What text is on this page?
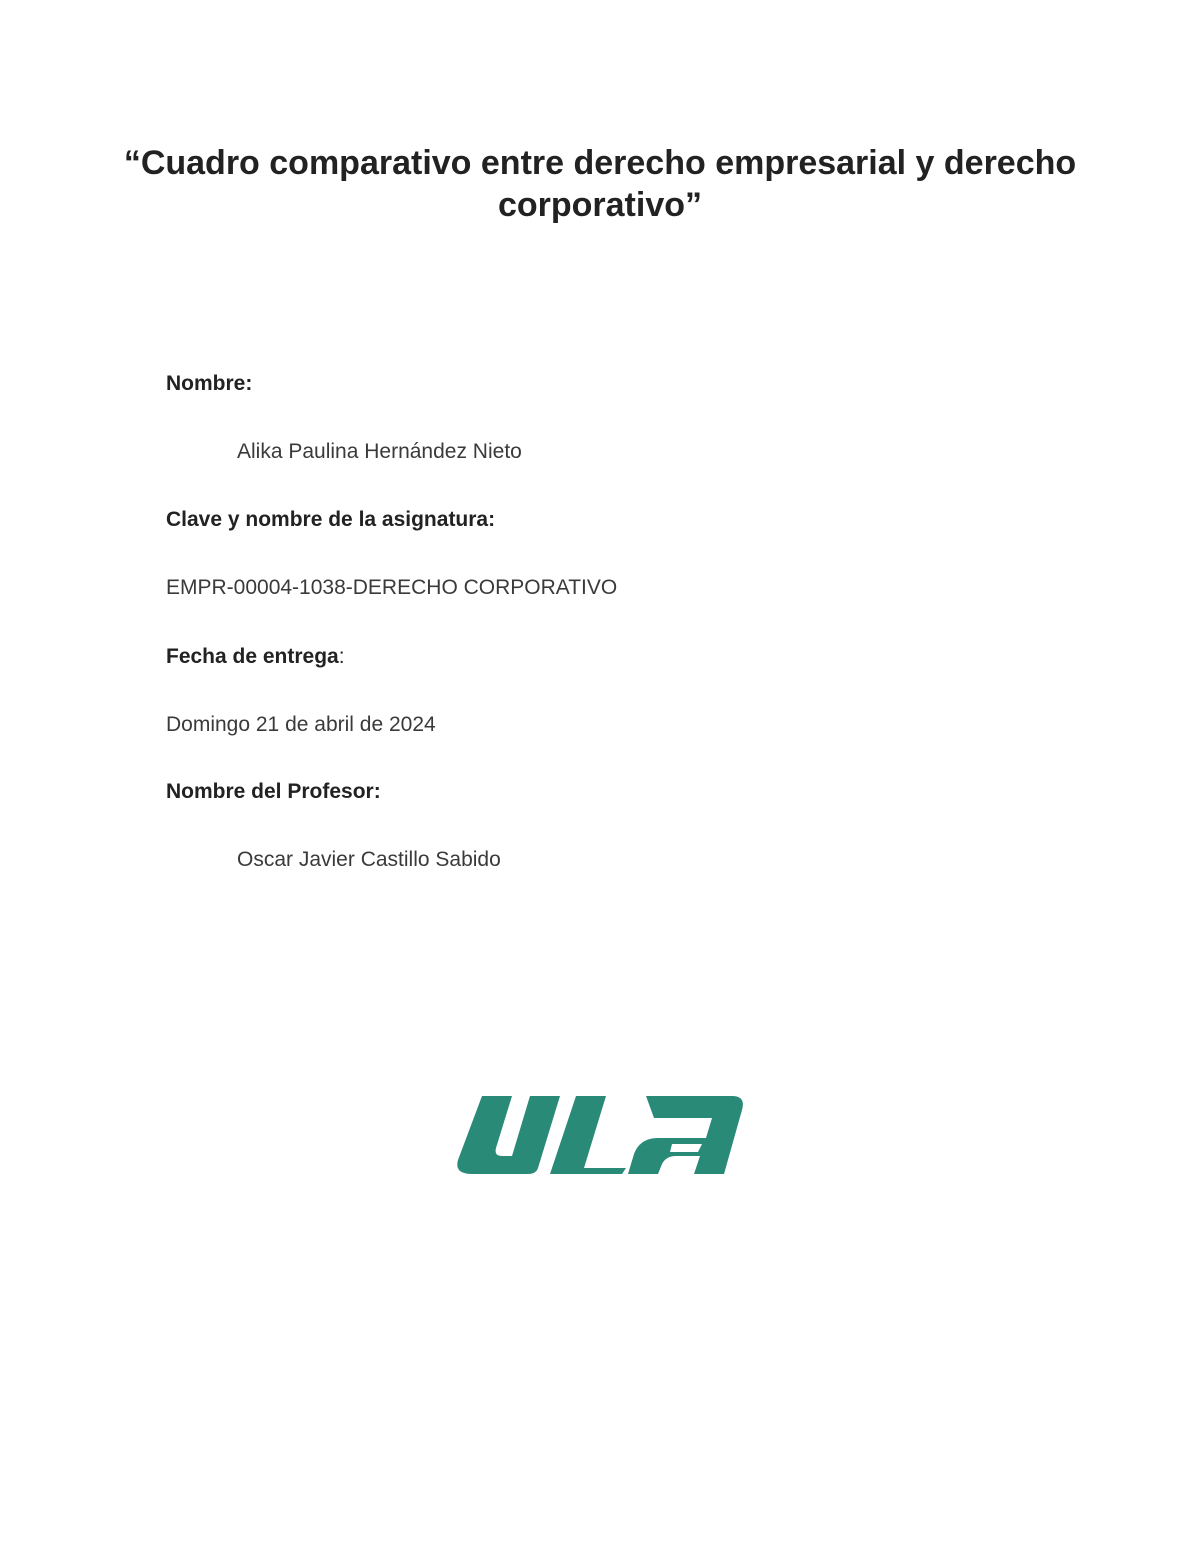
“Cuadro comparativo entre derecho empresarial y derecho corporativo”
Nombre:
Alika Paulina Hernández Nieto
Clave y nombre de la asignatura:
EMPR-00004-1038-DERECHO CORPORATIVO
Fecha de entrega:
Domingo 21 de abril de 2024
Nombre del Profesor:
Oscar Javier Castillo Sabido
